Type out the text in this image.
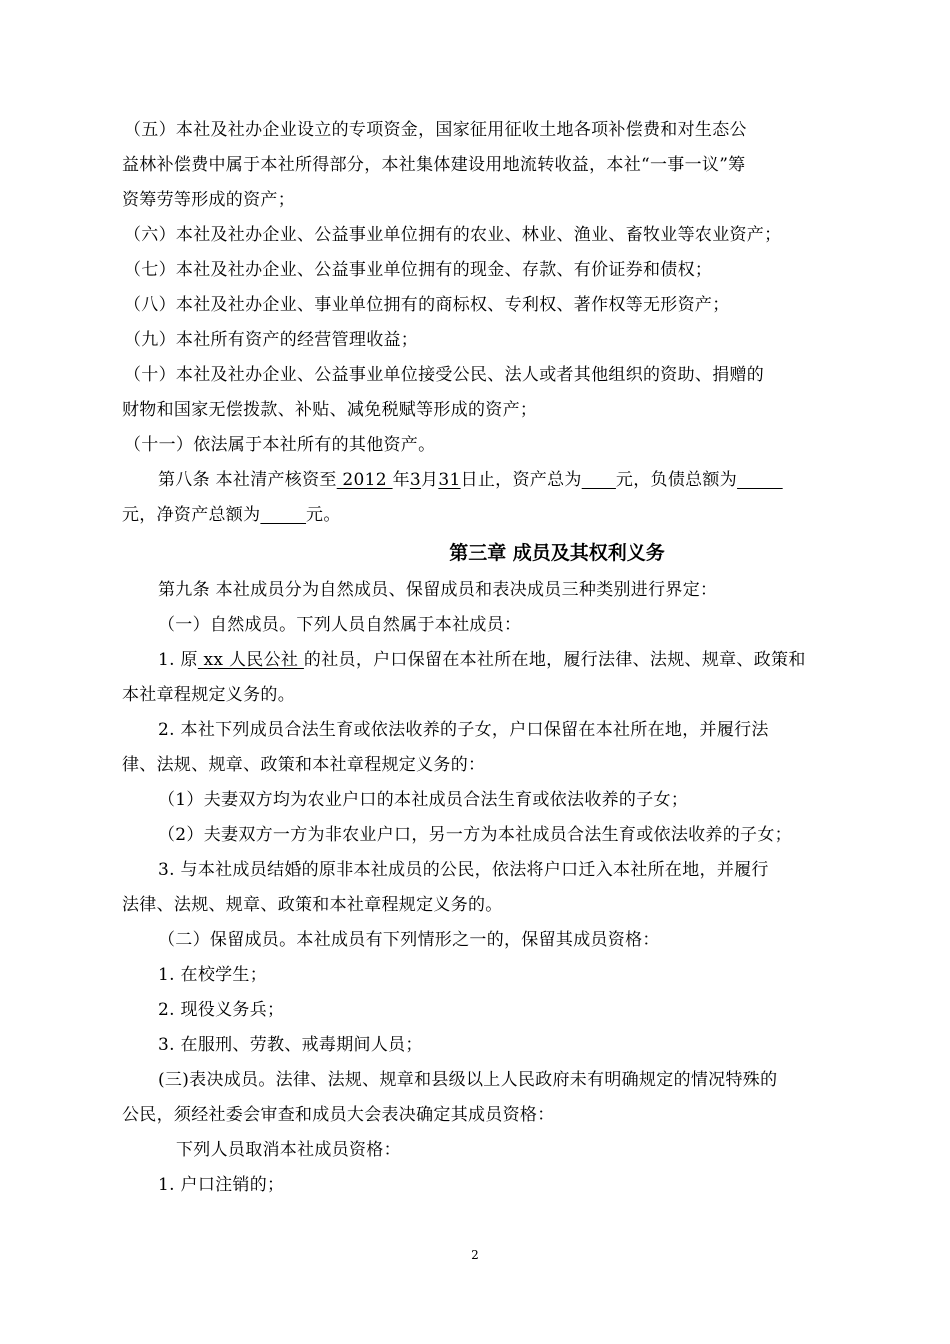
（五）本社及社办企业设立的专项资金，国家征用征收土地各项补偿费和对生态公
益林补偿费中属于本社所得部分，本社集体建设用地流转收益，本社“一事一议”筹
资筹劳等形成的资产；
（六）本社及社办企业、公益事业单位拥有的农业、林业、渔业、畜牧业等农业资产；
（七）本社及社办企业、公益事业单位拥有的现金、存款、有价证券和债权；
（八）本社及社办企业、事业单位拥有的商标权、专利权、著作权等无形资产；
（九）本社所有资产的经营管理收益；
（十）本社及社办企业、公益事业单位接受公民、法人或者其他组织的资助、捐赠的
财物和国家无偿拨款、补贴、减免税赋等形成的资产；
（十一）依法属于本社所有的其他资产。
第八条 本社清产核资至 2012 年3月31日止，资产总为 元，负债总额为
元，净资产总额为	元。
第三章 成员及其权利义务
第九条 本社成员分为自然成员、保留成员和表决成员三种类别进行界定：
（一）自然成员。下列人员自然属于本社成员：
1. 原 xx 人民公社 的社员，户口保留在本社所在地，履行法律、法规、规章、政策和
本社章程规定义务的。
2. 本社下列成员合法生育或依法收养的子女，户口保留在本社所在地，并履行法
律、法规、规章、政策和本社章程规定义务的：
（1）夫妻双方均为农业户口的本社成员合法生育或依法收养的子女；
（2）夫妻双方一方为非农业户口，另一方为本社成员合法生育或依法收养的子女；
3. 与本社成员结婚的原非本社成员的公民，依法将户口迁入本社所在地，并履行
法律、法规、规章、政策和本社章程规定义务的。
（二）保留成员。本社成员有下列情形之一的，保留其成员资格：
1. 在校学生；
2. 现役义务兵；
3. 在服刑、劳教、戒毒期间人员；
(三)表决成员。法律、法规、规章和县级以上人民政府未有明确规定的情况特殊的
公民，须经社委会审查和成员大会表决确定其成员资格：
下列人员取消本社成员资格：
1. 户口注销的；
2
